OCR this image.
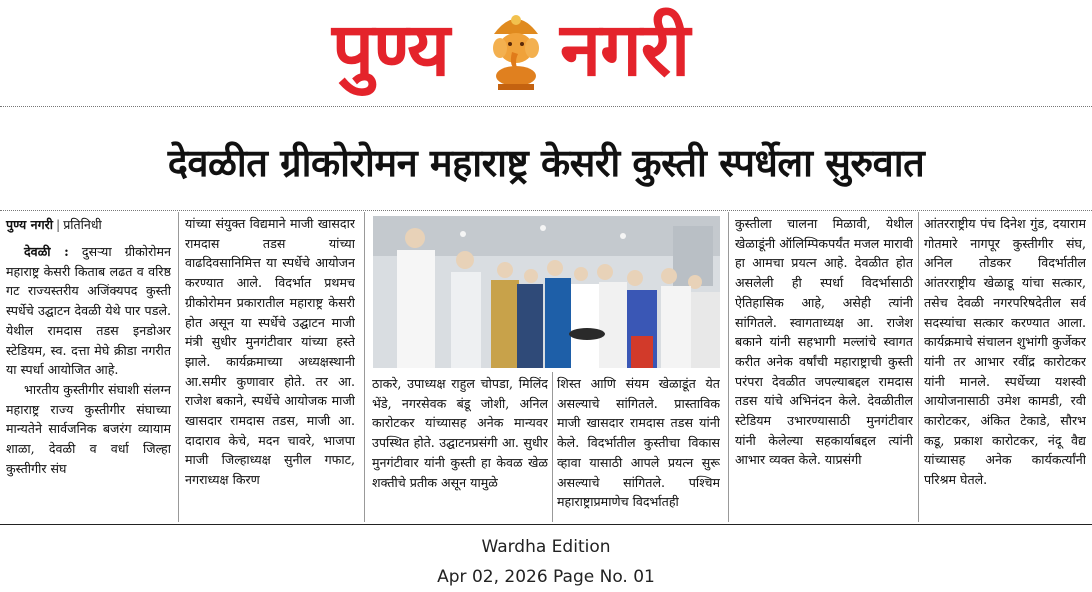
पुण्य नगरी
देवळीत ग्रीकोरोमन महाराष्ट्र केसरी कुस्ती स्पर्धेला सुरुवात
पुण्य नगरी | प्रतिनिधी

देवळी : दुसऱ्या ग्रीकोरोमन महाराष्ट्र केसरी किताब लढत व वरिष्ठ गट राज्यस्तरीय अजिंक्यपद कुस्ती स्पर्धेचे उद्घाटन देवळी येथे पार पडले. येथील रामदास तडस इनडोअर स्टेडियम, स्व. दत्ता मेघे क्रीडा नगरीत या स्पर्धा आयोजित आहे.

भारतीय कुस्तीगीर संघाशी संलग्न महाराष्ट्र राज्य कुस्तीगीर संघाच्या मान्यतेने सार्वजनिक बजरंग व्यायाम शाळा, देवळी व वर्धा जिल्हा कुस्तीगीर संघ

यांच्या संयुक्त विद्यमाने माजी खासदार रामदास तडस यांच्या वाढदिवसानिमित्त या स्पर्धेचे आयोजन करण्यात आले. विदर्भात प्रथमच ग्रीकोरोमन प्रकारातील महाराष्ट्र केसरी होत असून या स्पर्धेचे उद्घाटन माजी मंत्री सुधीर मुनगंटीवार यांच्या हस्ते झाले. कार्यक्रमाच्या अध्यक्षस्थानी आ.समीर कुणावार होते. तर आ. राजेश बकाने, स्पर्धेचे आयोजक माजी खासदार रामदास तडस, माजी आ. दादाराव केचे, मदन चावरे, भाजपा माजी जिल्हाध्यक्ष सुनील गफाट, नगराध्यक्ष किरण

ठाकरे, उपाध्यक्ष राहुल चोपडा, मिलिंद भेंडे, नगरसेवक बंडू जोशी, अनिल कारोटकर यांच्यासह अनेक मान्यवर उपस्थित होते. उद्घाटनप्रसंगी आ. सुधीर मुनगंटीवार यांनी कुस्ती हा केवळ खेळ शक्तीचे प्रतीक असून यामुळे

शिस्त आणि संयम खेळाडूंत येत असल्याचे सांगितले. प्रास्ताविक माजी खासदार रामदास तडस यांनी केले. विदर्भातील कुस्तीचा विकास व्हावा यासाठी आपले प्रयत्न सुरू असल्याचे सांगितले. पश्चिम महाराष्ट्राप्रमाणेच विदर्भातही

कुस्तीला चालना मिळावी, येथील खेळाडूंनी ऑलिम्पिकपर्यंत मजल मारावी हा आमचा प्रयत्न आहे. देवळीत होत असलेली ही स्पर्धा विदर्भासाठी ऐतिहासिक आहे, असेही त्यांनी सांगितले. स्वागताध्यक्ष आ. राजेश बकाने यांनी सहभागी मल्लांचे स्वागत करीत अनेक वर्षांची महाराष्ट्राची कुस्ती परंपरा देवळीत जपल्याबद्दल रामदास तडस यांचे अभिनंदन केले. देवळीतील स्टेडियम उभारण्यासाठी मुनगंटीवार यांनी केलेल्या सहकार्याबद्दल त्यांनी आभार व्यक्त केले. याप्रसंगी

आंतरराष्ट्रीय पंच दिनेश गुंड, दयाराम गोतमारे नागपूर कुस्तीगीर संघ, अनिल तोडकर विदर्भातील आंतरराष्ट्रीय खेळाडू यांचा सत्कार, तसेच देवळी नगरपरिषदेतील सर्व सदस्यांचा सत्कार करण्यात आला. कार्यक्रमाचे संचालन शुभांगी कुर्जेकर यांनी तर आभार रवींद्र कारोटकर यांनी मानले. स्पर्धेच्या यशस्वी आयोजनासाठी उमेश कामडी, रवी कारोटकर, अंकित टेकाडे, सौरभ कडू, प्रकाश कारोटकर, नंदू वैद्य यांच्यासह अनेक कार्यकर्त्यांनी परिश्रम घेतले.

Wardha Edition
Apr 02, 2026 Page No. 01
